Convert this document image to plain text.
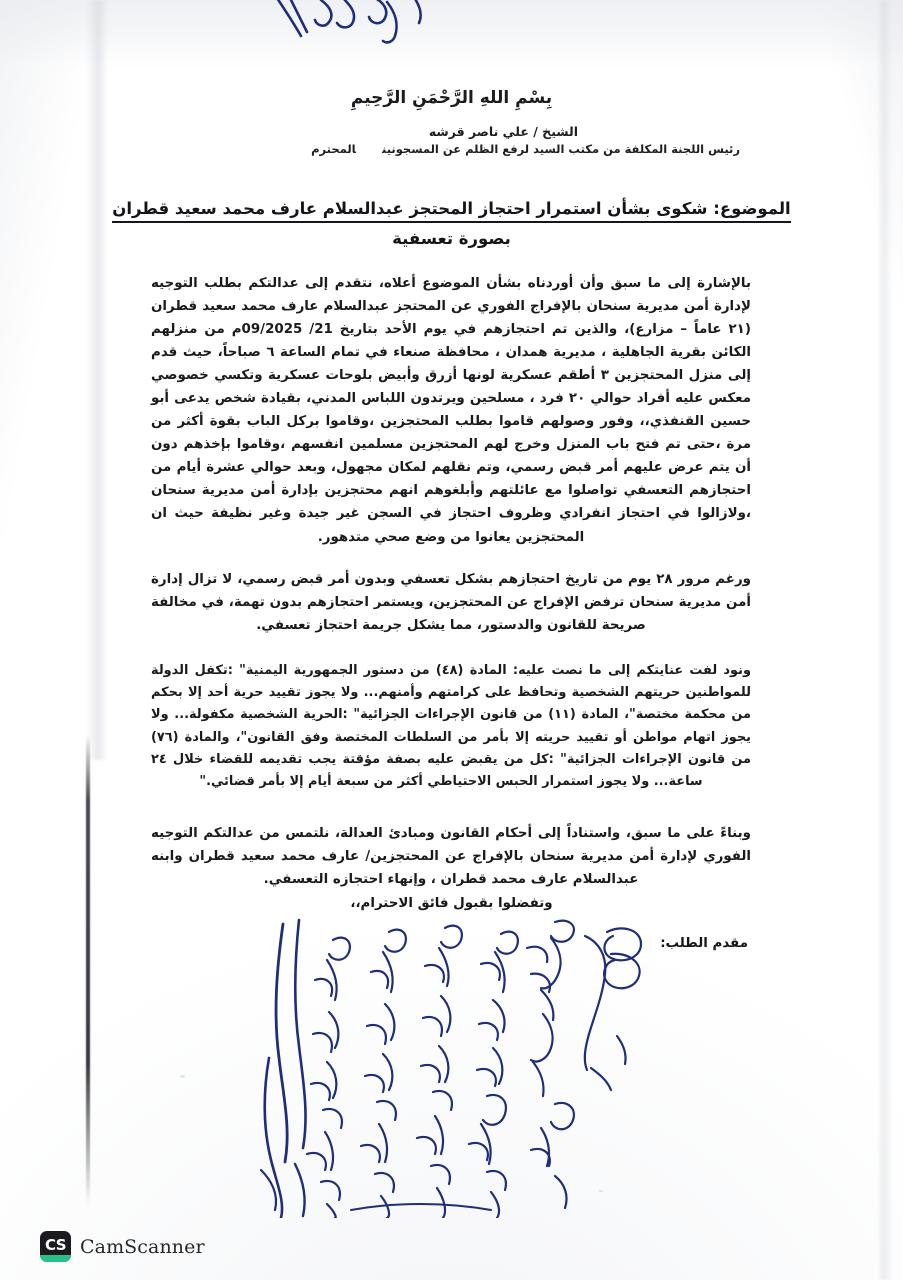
بِسْمِ اللهِ الرَّحْمَنِ الرَّحِيمِ
الشيخ / علي ناصر قرشه
رئيس اللجنة المكلفة من مكتب السيد لرفع الظلم عن المسجونينالمحترم
الموضوع: شكوى بشأن استمرار احتجاز المحتجز عبدالسلام عارف محمد سعيد قطران
بصورة تعسفية
بالإشارة إلى ما سبق وأن أوردناه بشأن الموضوع أعلاه، نتقدم إلى عدالتكم بطلب التوجيه لإدارة أمن مديرية سنحان بالإفراج الفوري عن المحتجز عبدالسلام عارف محمد سعيد قطران (٢١ عاماً – مزارع)، والذين تم احتجازهم في يوم الأحد بتاريخ 21/ 09/2025م من منزلهم الكائن بقرية الجاهلية ، مديرية همدان ، محافظة صنعاء في تمام الساعة ٦ صباحاً، حيث قدم إلى منزل المحتجزين ٣ أطقم عسكرية لونها أزرق وأبيض بلوحات عسكرية وتكسي خصوصي معكس عليه أفراد حوالي ٢٠ فرد ، مسلحين ويرتدون اللباس المدني، بقيادة شخص يدعى أبو حسين القنفذي،، وفور وصولهم قاموا بطلب المحتجزين ،وقاموا بركل الباب بقوة أكثر من مرة ،حتى تم فتح باب المنزل وخرج لهم المحتجزين مسلمين انفسهم ،وقاموا بإخذهم دون أن يتم عرض عليهم أمر قبض رسمي، وتم نقلهم لمكان مجهول، وبعد حوالي عشرة أيام من احتجازهم التعسفي تواصلوا مع عائلتهم وأبلغوهم انهم محتجزين بإدارة أمن مديرية سنحان ،ولازالوا في احتجاز انفرادي وظروف احتجاز في السجن غير جيدة وغير نظيفة حيث ان المحتجزين يعانوا من وضع صحي متدهور.
ورغم مرور ٢٨ يوم من تاريخ احتجازهم بشكل تعسفي وبدون أمر قبض رسمي، لا تزال إدارة أمن مديرية سنحان ترفض الإفراج عن المحتجزين، ويستمر احتجازهم بدون تهمة، في مخالفة صريحة للقانون والدستور، مما يشكل جريمة احتجاز تعسفي.
ونود لفت عنايتكم إلى ما نصت عليه: المادة (٤٨) من دستور الجمهورية اليمنية" :تكفل الدولة للمواطنين حريتهم الشخصية وتحافظ على كرامتهم وأمنهم... ولا يجوز تقييد حرية أحد إلا بحكم من محكمة مختصة"، المادة (١١) من قانون الإجراءات الجزائية" :الحرية الشخصية مكفولة... ولا يجوز اتهام مواطن أو تقييد حريته إلا بأمر من السلطات المختصة وفق القانون"، والمادة (٧٦) من قانون الإجراءات الجزائية" :كل من يقبض عليه بصفة مؤقتة يجب تقديمه للقضاء خلال ٢٤ ساعة... ولا يجوز استمرار الحبس الاحتياطي أكثر من سبعة أيام إلا بأمر قضائي."
وبناءً على ما سبق، واستناداً إلى أحكام القانون ومبادئ العدالة، نلتمس من عدالتكم التوجيه الفوري لإدارة أمن مديرية سنحان بالإفراج عن المحتجزين/ عارف محمد سعيد قطران وابنه عبدالسلام عارف محمد قطران ، وإنهاء احتجازه التعسفي.
وتفضلوا بقبول فائق الاحترام،،
مقدم الطلب:
CS CamScanner
